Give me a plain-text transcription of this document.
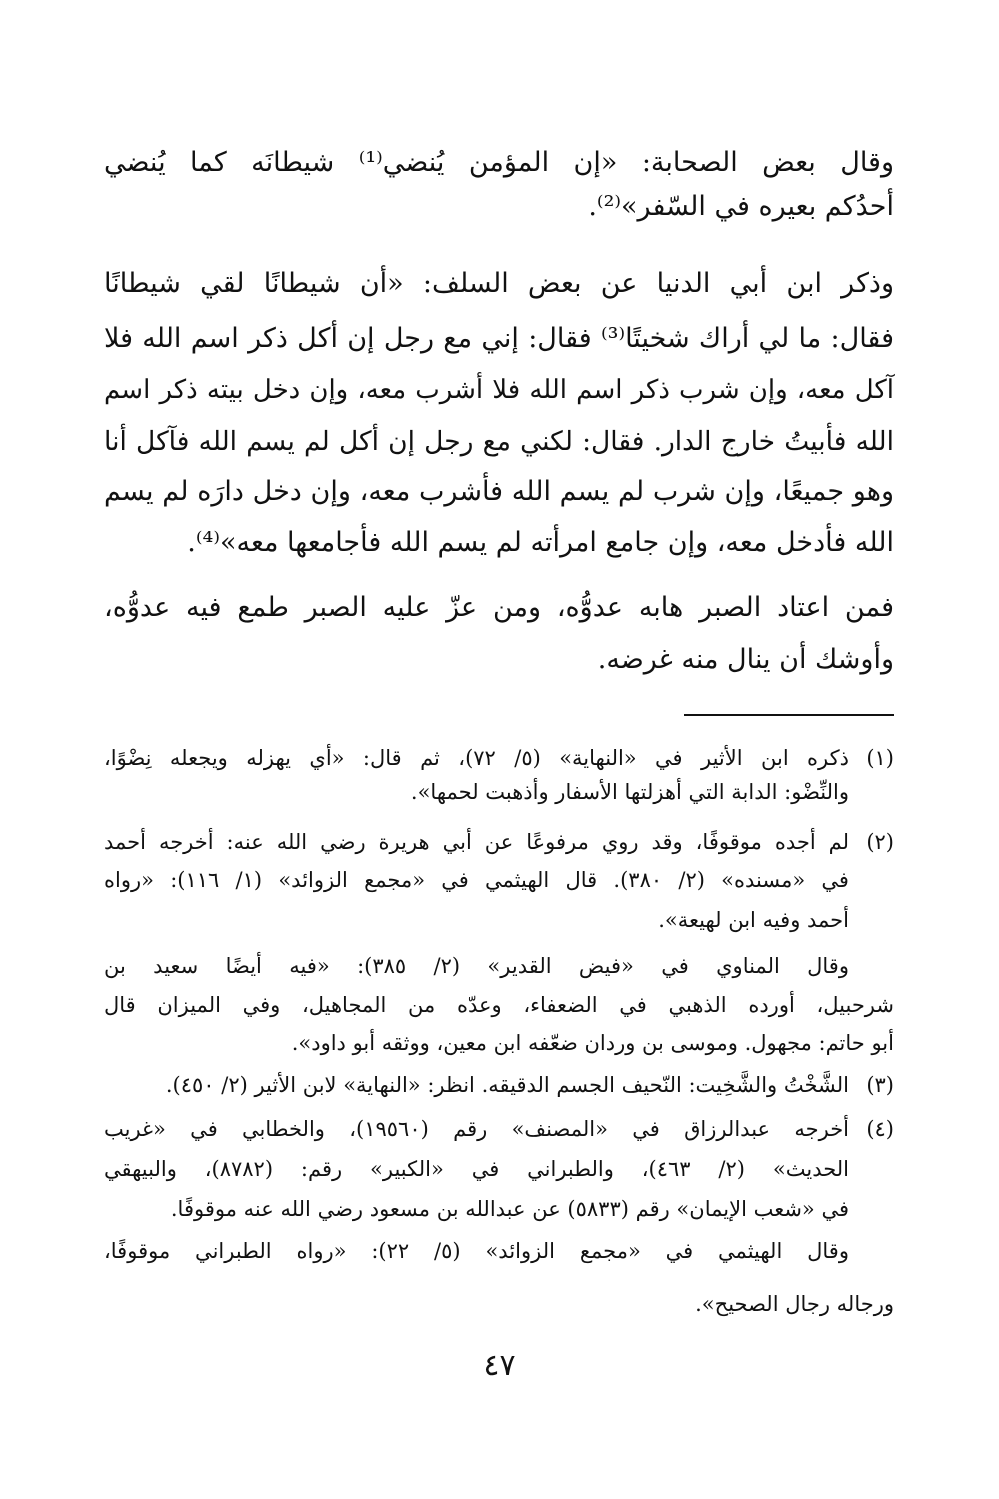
وقال بعض الصحابة: «إن المؤمن يُنضي⁽¹⁾ شيطانَه كما يُنضي
أحدُكم بعيره في السّفر»⁽²⁾.
وذكر ابن أبي الدنيا عن بعض السلف: «أن شيطانًا لقي شيطانًا
فقال: ما لي أراك شخيتًا⁽³⁾ فقال: إني مع رجل إن أكل ذكر اسم الله فلا
آكل معه، وإن شرب ذكر اسم الله فلا أشرب معه، وإن دخل بيته ذكر اسم
الله فأبيتُ خارج الدار. فقال: لكني مع رجل إن أكل لم يسم الله فآكل أنا
وهو جميعًا، وإن شرب لم يسم الله فأشرب معه، وإن دخل دارَه لم يسم
الله فأدخل معه، وإن جامع امرأته لم يسم الله فأجامعها معه»⁽⁴⁾.
فمن اعتاد الصبر هابه عدوُّه، ومن عزّ عليه الصبر طمع فيه عدوُّه،
وأوشك أن ينال منه غرضه.
(١)
ذكره ابن الأثير في «النهاية» (٥/ ٧٢)، ثم قال: «أي يهزله ويجعله نِضْوًا،
والنِّضْو: الدابة التي أهزلتها الأسفار وأذهبت لحمها».
(٢)
لم أجده موقوفًا، وقد روي مرفوعًا عن أبي هريرة رضي الله عنه: أخرجه أحمد
في «مسنده» (٢/ ٣٨٠). قال الهيثمي في «مجمع الزوائد» (١/ ١١٦): «رواه
أحمد وفيه ابن لهيعة».
وقال المناوي في «فيض القدير» (٢/ ٣٨٥): «فيه أيضًا سعيد بن
شرحبيل، أورده الذهبي في الضعفاء، وعدّه من المجاهيل، وفي الميزان قال
أبو حاتم: مجهول. وموسى بن وردان ضعّفه ابن معين، ووثقه أبو داود».
(٣)
الشَّخْتُ والشَّخِيت: النّحيف الجسم الدقيقه. انظر: «النهاية» لابن الأثير (٢/ ٤٥٠).
(٤)
أخرجه عبدالرزاق في «المصنف» رقم (١٩٥٦٠)، والخطابي في «غريب
الحديث» (٢/ ٤٦٣)، والطبراني في «الكبير» رقم: (٨٧٨٢)، والبيهقي
في «شعب الإيمان» رقم (٥٨٣٣) عن عبدالله بن مسعود رضي الله عنه موقوفًا.
وقال الهيثمي في «مجمع الزوائد» (٥/ ٢٢): «رواه الطبراني موقوفًا،
ورجاله رجال الصحيح».
٤٧
